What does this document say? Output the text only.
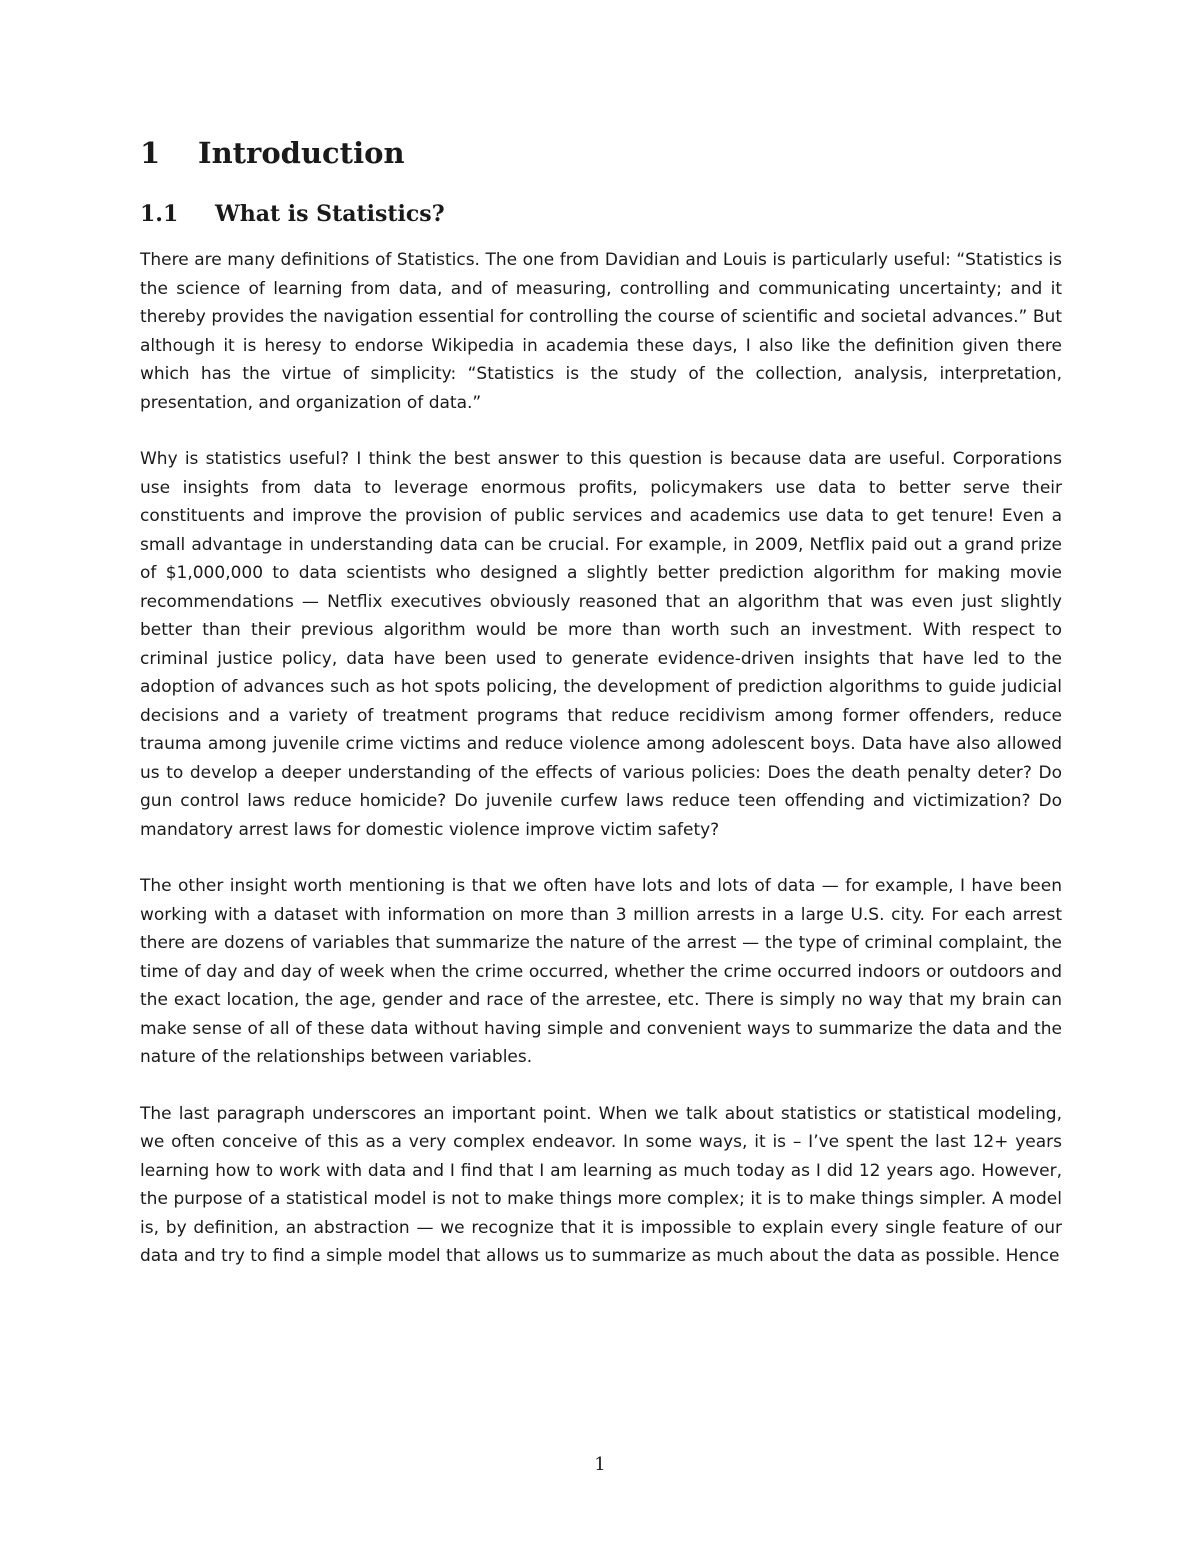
1 Introduction
1.1 What is Statistics?

There are many definitions of Statistics. The one from Davidian and Louis is particularly useful: “Statistics is the science of learning from data, and of measuring, controlling and communicating uncertainty; and it thereby provides the navigation essential for controlling the course of scientific and societal advances.” But although it is heresy to endorse Wikipedia in academia these days, I also like the definition given there which has the virtue of simplicity: “Statistics is the study of the collection, analysis, interpretation, presentation, and organization of data.”

Why is statistics useful? I think the best answer to this question is because data are useful. Corporations use insights from data to leverage enormous profits, policymakers use data to better serve their constituents and improve the provision of public services and academics use data to get tenure! Even a small advantage in understanding data can be crucial. For example, in 2009, Netflix paid out a grand prize of $1,000,000 to data scientists who designed a slightly better prediction algorithm for making movie recommendations — Netflix executives obviously reasoned that an algorithm that was even just slightly better than their previous algorithm would be more than worth such an investment. With respect to criminal justice policy, data have been used to generate evidence-driven insights that have led to the adoption of advances such as hot spots policing, the development of prediction algorithms to guide judicial decisions and a variety of treatment programs that reduce recidivism among former offenders, reduce trauma among juvenile crime victims and reduce violence among adolescent boys. Data have also allowed us to develop a deeper understanding of the effects of various policies: Does the death penalty deter? Do gun control laws reduce homicide? Do juvenile curfew laws reduce teen offending and victimization? Do mandatory arrest laws for domestic violence improve victim safety?

The other insight worth mentioning is that we often have lots and lots of data — for example, I have been working with a dataset with information on more than 3 million arrests in a large U.S. city. For each arrest there are dozens of variables that summarize the nature of the arrest — the type of criminal complaint, the time of day and day of week when the crime occurred, whether the crime occurred indoors or outdoors and the exact location, the age, gender and race of the arrestee, etc. There is simply no way that my brain can make sense of all of these data without having simple and convenient ways to summarize the data and the nature of the relationships between variables.

The last paragraph underscores an important point. When we talk about statistics or statistical modeling, we often conceive of this as a very complex endeavor. In some ways, it is – I’ve spent the last 12+ years learning how to work with data and I find that I am learning as much today as I did 12 years ago. However, the purpose of a statistical model is not to make things more complex; it is to make things simpler. A model is, by definition, an abstraction — we recognize that it is impossible to explain every single feature of our data and try to find a simple model that allows us to summarize as much about the data as possible. Hence

1
